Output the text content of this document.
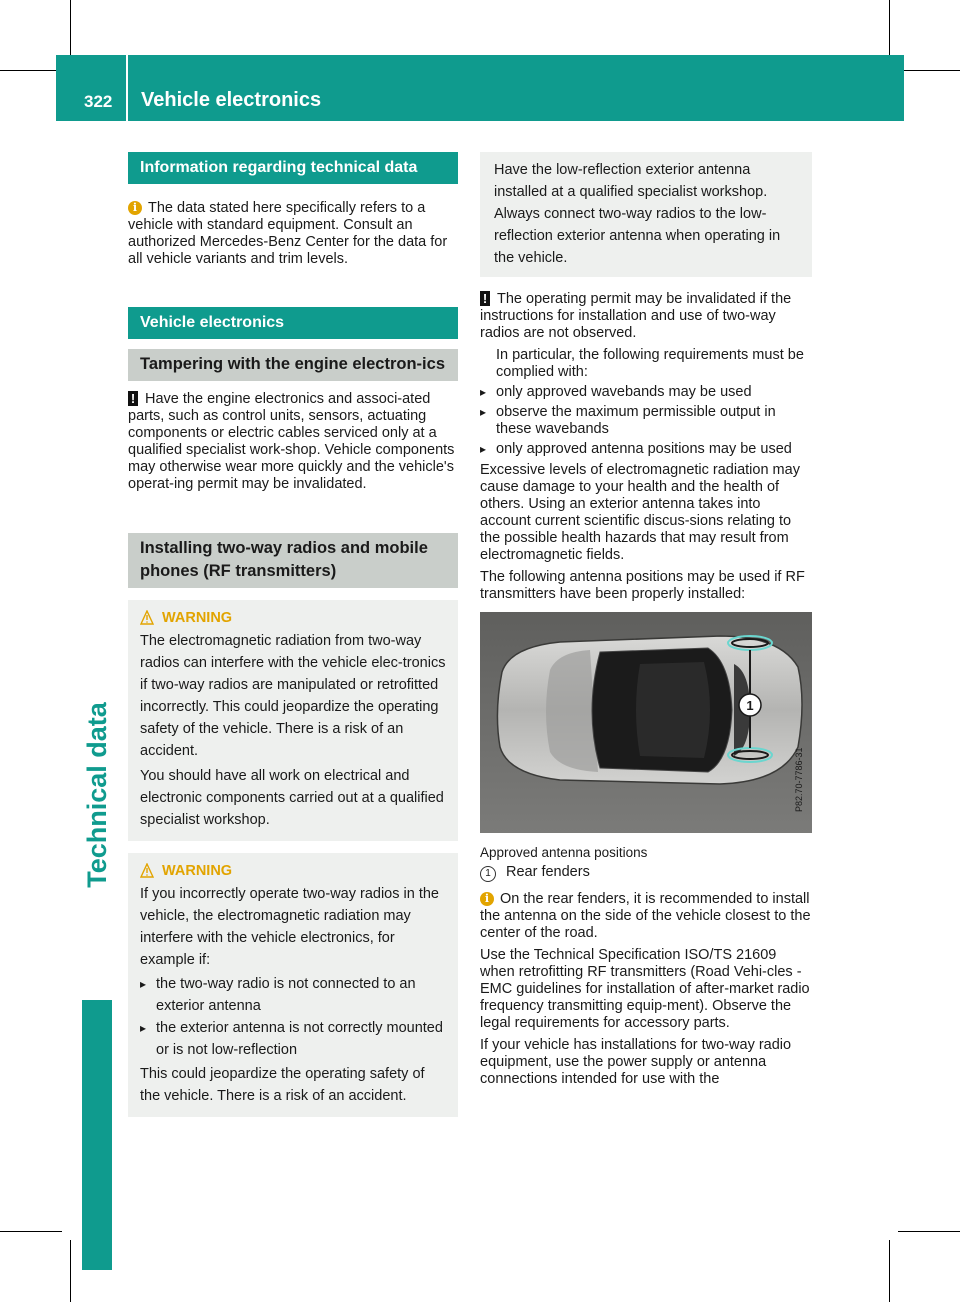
322 Vehicle electronics
Technical data
Information regarding technical data

i The data stated here specifically refers to a vehicle with standard equipment. Consult an authorized Mercedes-Benz Center for the data for all vehicle variants and trim levels.

Vehicle electronics
Tampering with the engine electron-ics

! Have the engine electronics and associ-ated parts, such as control units, sensors, actuating components or electric cables serviced only at a qualified specialist work-shop. Vehicle components may otherwise wear more quickly and the vehicle's operat-ing permit may be invalidated.

Installing two-way radios and mobile phones (RF transmitters)
WARNING

The electromagnetic radiation from two-way radios can interfere with the vehicle elec-tronics if two-way radios are manipulated or retrofitted incorrectly. This could jeopardize the operating safety of the vehicle. There is a risk of an accident.

You should have all work on electrical and electronic components carried out at a qualified specialist workshop.

WARNING

If you incorrectly operate two-way radios in the vehicle, the electromagnetic radiation may interfere with the vehicle electronics, for example if:

▸ the two-way radio is not connected to an exterior antenna
▸ the exterior antenna is not correctly mounted or is not low-reflection

This could jeopardize the operating safety of the vehicle. There is a risk of an accident.

Have the low-reflection exterior antenna installed at a qualified specialist workshop. Always connect two-way radios to the low-reflection exterior antenna when operating in the vehicle.

! The operating permit may be invalidated if the instructions for installation and use of two-way radios are not observed.

In particular, the following requirements must be complied with:

▸ only approved wavebands may be used
▸ observe the maximum permissible output in these wavebands
▸ only approved antenna positions may be used

Excessive levels of electromagnetic radiation may cause damage to your health and the health of others. Using an exterior antenna takes into account current scientific discus-sions relating to the possible health hazards that may result from electromagnetic fields.

The following antenna positions may be used if RF transmitters have been properly installed:

1
P82.70-7786-31

Approved antenna positions

1 Rear fenders

i On the rear fenders, it is recommended to install the antenna on the side of the vehicle closest to the center of the road.

Use the Technical Specification ISO/TS 21609 when retrofitting RF transmitters (Road Vehi-cles - EMC guidelines for installation of after-market radio frequency transmitting equip-ment). Observe the legal requirements for accessory parts.

If your vehicle has installations for two-way radio equipment, use the power supply or antenna connections intended for use with the
